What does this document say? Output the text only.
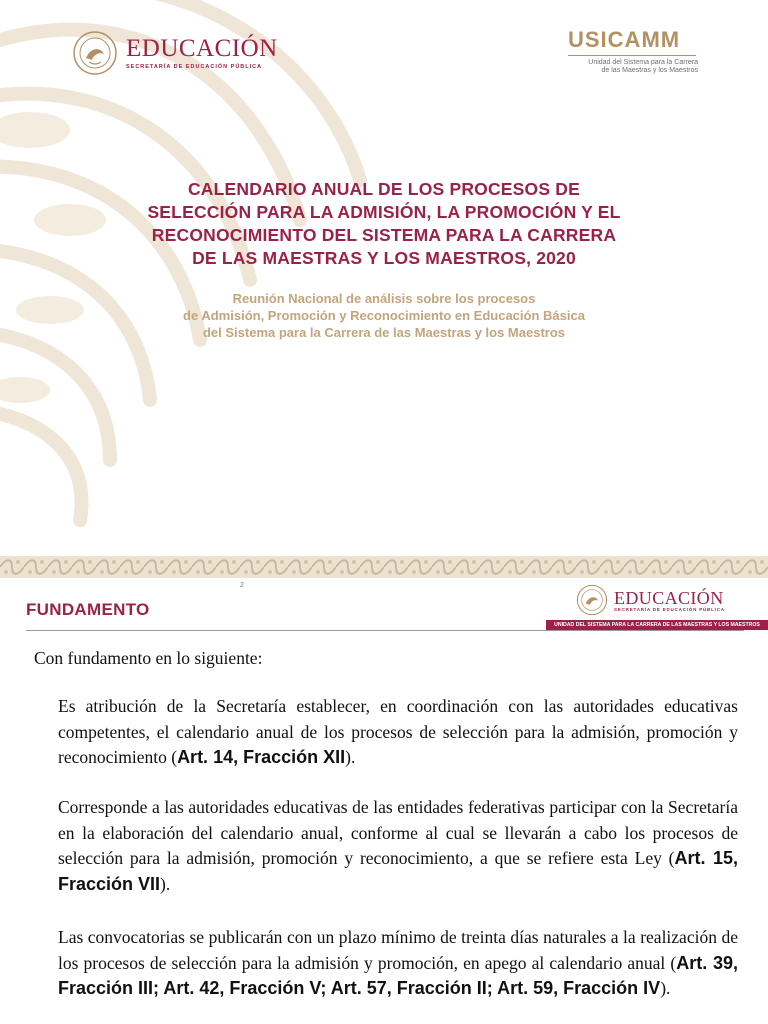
EDUCACIÓN
SECRETARÍA DE EDUCACIÓN PÚBLICA
USICAMM
Unidad del Sistema para la Carrera
de las Maestras y los Maestros
CALENDARIO ANUAL DE LOS PROCESOS DE
SELECCIÓN PARA LA ADMISIÓN, LA PROMOCIÓN Y EL
RECONOCIMIENTO DEL SISTEMA PARA LA CARRERA
DE LAS MAESTRAS Y LOS MAESTROS, 2020
Reunión Nacional de análisis sobre los procesos
de Admisión, Promoción y Reconocimiento en Educación Básica
del Sistema para la Carrera de las Maestras y los Maestros
2
FUNDAMENTO
EDUCACIÓN
SECRETARÍA DE EDUCACIÓN PÚBLICA
UNIDAD DEL SISTEMA PARA LA CARRERA DE LAS MAESTRAS Y LOS MAESTROS
Con fundamento en lo siguiente:
Es atribución de la Secretaría establecer, en coordinación con las autoridades educativas competentes, el calendario anual de los procesos de selección para la admisión, promoción y reconocimiento (Art. 14, Fracción XII).
Corresponde a las autoridades educativas de las entidades federativas participar con la Secretaría en la elaboración del calendario anual, conforme al cual se llevarán a cabo los procesos de selección para la admisión, promoción y reconocimiento, a que se refiere esta Ley (Art. 15, Fracción VII).
Las convocatorias se publicarán con un plazo mínimo de treinta días naturales a la realización de los procesos de selección para la admisión y promoción, en apego al calendario anual (Art. 39, Fracción III; Art. 42, Fracción V; Art. 57, Fracción II; Art. 59, Fracción IV).
